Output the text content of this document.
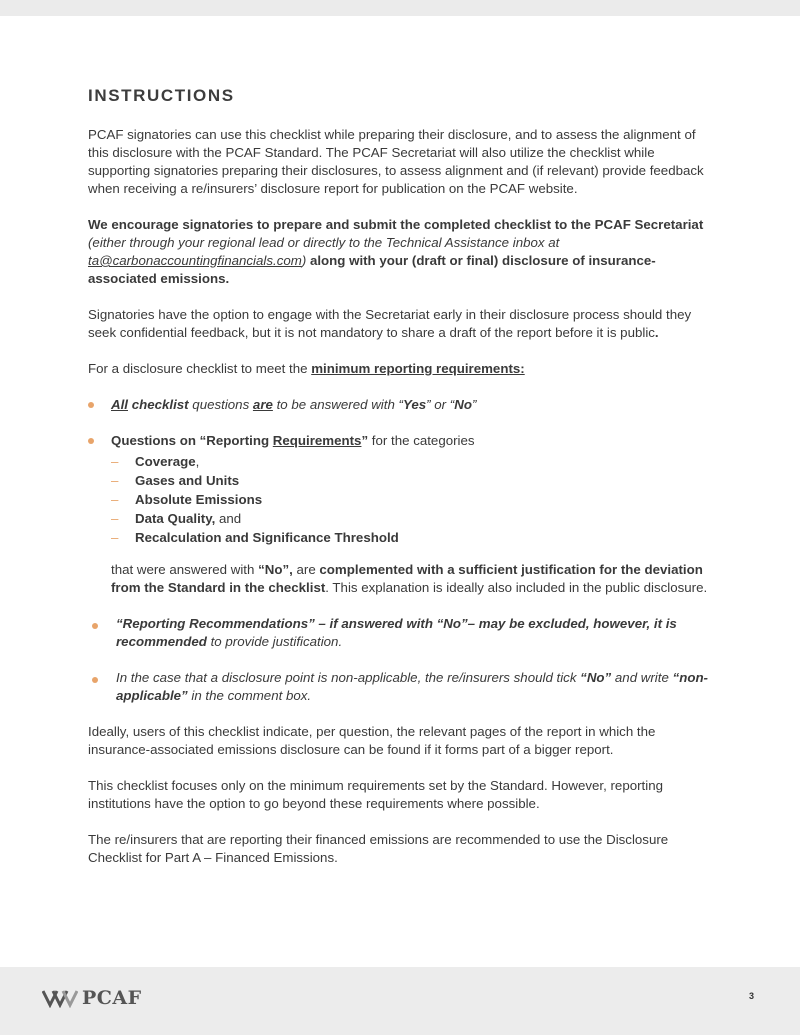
INSTRUCTIONS

PCAF signatories can use this checklist while preparing their disclosure, and to assess the alignment of this disclosure with the PCAF Standard. The PCAF Secretariat will also utilize the checklist while supporting signatories preparing their disclosures, to assess alignment and (if relevant) provide feedback when receiving a re/insurers’ disclosure report for publication on the PCAF website.

We encourage signatories to prepare and submit the completed checklist to the PCAF Secretariat (either through your regional lead or directly to the Technical Assistance inbox at ta@carbonaccountingfinancials.com) along with your (draft or final) disclosure of insurance-associated emissions.

Signatories have the option to engage with the Secretariat early in their disclosure process should they seek confidential feedback, but it is not mandatory to share a draft of the report before it is public.

For a disclosure checklist to meet the minimum reporting requirements:

All checklist questions are to be answered with “Yes” or “No”
Questions on “Reporting Requirements” for the categories
– Coverage,
– Gases and Units
– Absolute Emissions
– Data Quality, and
– Recalculation and Significance Threshold

that were answered with “No”, are complemented with a sufficient justification for the deviation from the Standard in the checklist. This explanation is ideally also included in the public disclosure.

“Reporting Recommendations” – if answered with “No”– may be excluded, however, it is recommended to provide justification.
In the case that a disclosure point is non-applicable, the re/insurers should tick “No” and write “non-applicable” in the comment box.

Ideally, users of this checklist indicate, per question, the relevant pages of the report in which the insurance-associated emissions disclosure can be found if it forms part of a bigger report.

This checklist focuses only on the minimum requirements set by the Standard. However, reporting institutions have the option to go beyond these requirements where possible.

The re/insurers that are reporting their financed emissions are recommended to use the Disclosure Checklist for Part A – Financed Emissions.

PCAF	3
